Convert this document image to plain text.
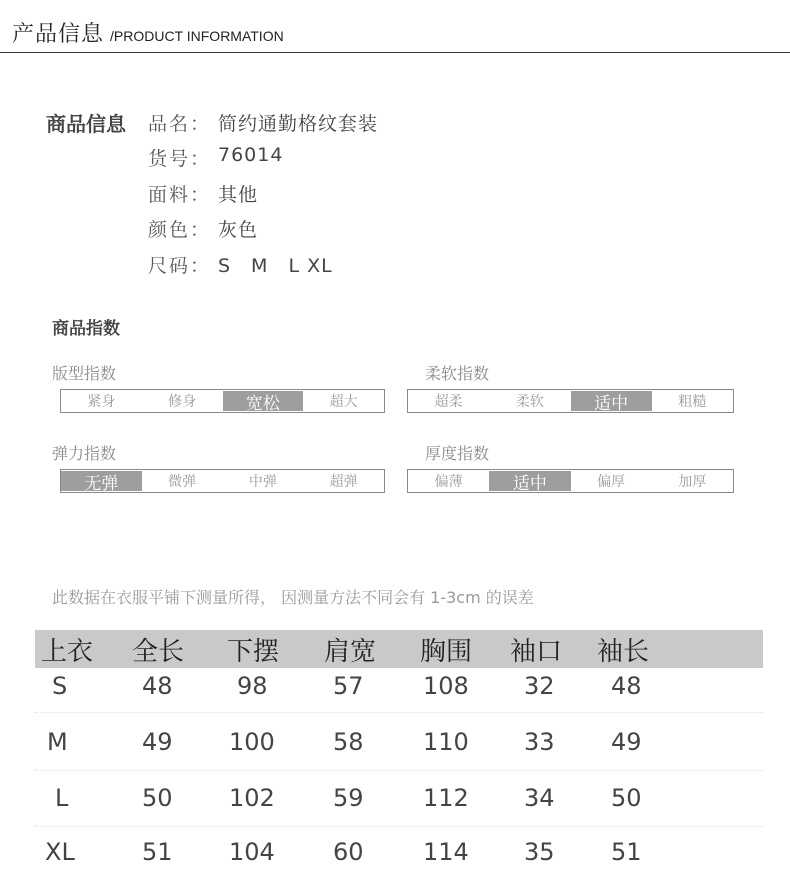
产品信息 /PRODUCT INFORMATION
商品信息 品名： 简约通勤格纹套装
货号： 76014
面料： 其他
颜色： 灰色
尺码： S　M　L XL
商品指数
版型指数
紧身	修身	宽松	超大
柔软指数
超柔	柔软	适中	粗糙
弹力指数
无弹	微弹	中弹	超弹
厚度指数
偏薄	适中	偏厚	加厚
此数据在衣服平铺下测量所得， 因测量方法不同会有 1-3cm 的误差
上衣 全长 下摆 肩宽 胸围 袖口 袖长
S	48	98	57 108 32 48
M	49 100 58 110 33 49
L	50 102 59 112 34 50
XL	51 104 60 114 35 51
